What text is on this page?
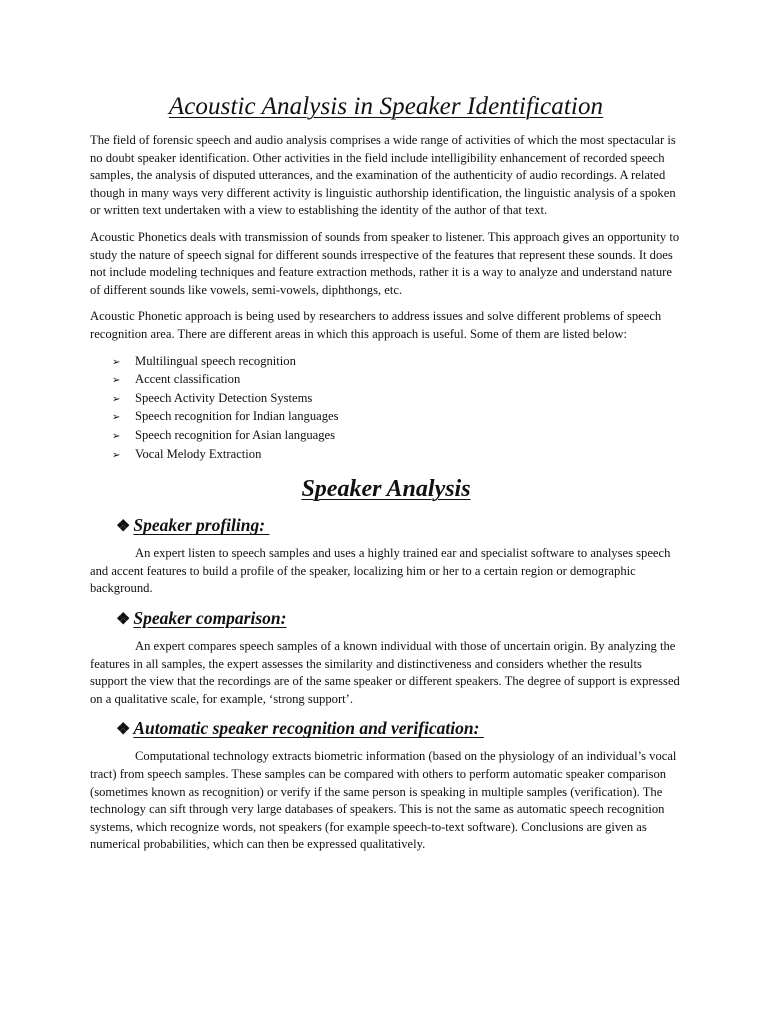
Acoustic Analysis in Speaker Identification

The field of forensic speech and audio analysis comprises a wide range of activities of which the most spectacular is no doubt speaker identification. Other activities in the field include intelligibility enhancement of recorded speech samples, the analysis of disputed utterances, and the examination of the authenticity of audio recordings. A related though in many ways very different activity is linguistic authorship identification, the linguistic analysis of a spoken or written text undertaken with a view to establishing the identity of the author of that text.

Acoustic Phonetics deals with transmission of sounds from speaker to listener. This approach gives an opportunity to study the nature of speech signal for different sounds irrespective of the features that represent these sounds. It does not include modeling techniques and feature extraction methods, rather it is a way to analyze and understand nature of different sounds like vowels, semi-vowels, diphthongs, etc.

Acoustic Phonetic approach is being used by researchers to address issues and solve different problems of speech recognition area. There are different areas in which this approach is useful. Some of them are listed below:

➢	Multilingual speech recognition
➢	Accent classification
➢	Speech Activity Detection Systems
➢	Speech recognition for Indian languages
➢	Speech recognition for Asian languages
➢	Vocal Melody Extraction
Speaker Analysis
❖ Speaker profiling:

An expert listen to speech samples and uses a highly trained ear and specialist software to analyses speech and accent features to build a profile of the speaker, localizing him or her to a certain region or demographic background.

❖ Speaker comparison:

An expert compares speech samples of a known individual with those of uncertain origin. By analyzing the features in all samples, the expert assesses the similarity and distinctiveness and considers whether the results support the view that the recordings are of the same speaker or different speakers. The degree of support is expressed on a qualitative scale, for example, ‘strong support’.

❖ Automatic speaker recognition and verification:

Computational technology extracts biometric information (based on the physiology of an individual’s vocal tract) from speech samples. These samples can be compared with others to perform automatic speaker comparison (sometimes known as recognition) or verify if the same person is speaking in multiple samples (verification). The technology can sift through very large databases of speakers. This is not the same as automatic speech recognition systems, which recognize words, not speakers (for example speech-to-text software). Conclusions are given as numerical probabilities, which can then be expressed qualitatively.
